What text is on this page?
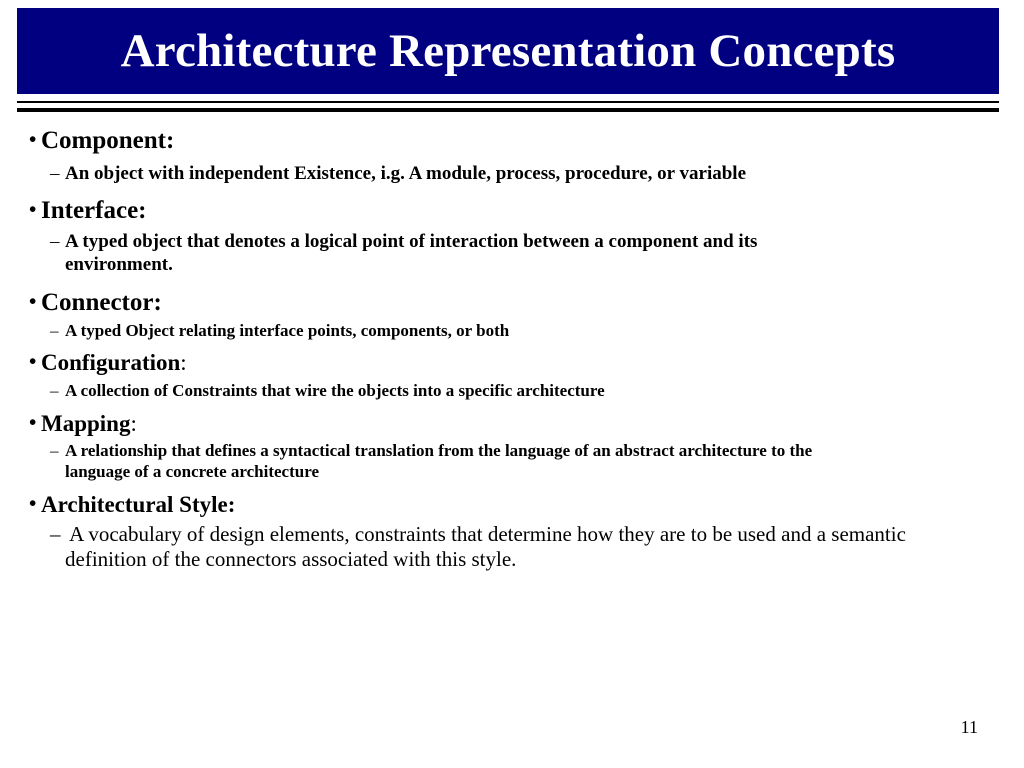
Architecture Representation Concepts
• Component:
– An object with independent Existence, i.g. A module, process, procedure, or variable
• Interface:
– A typed object that denotes a logical point of interaction between a component and its
environment.
• Connector:
– A typed Object relating interface points, components, or both
• Configuration:
– A collection of Constraints that wire the objects into a specific architecture
• Mapping:
– A relationship that defines a syntactical translation from the language of an abstract architecture to the
language of a concrete architecture
• Architectural Style:
– A vocabulary of design elements, constraints that determine how they are to be used and a semantic
definition of the connectors associated with this style.
11
